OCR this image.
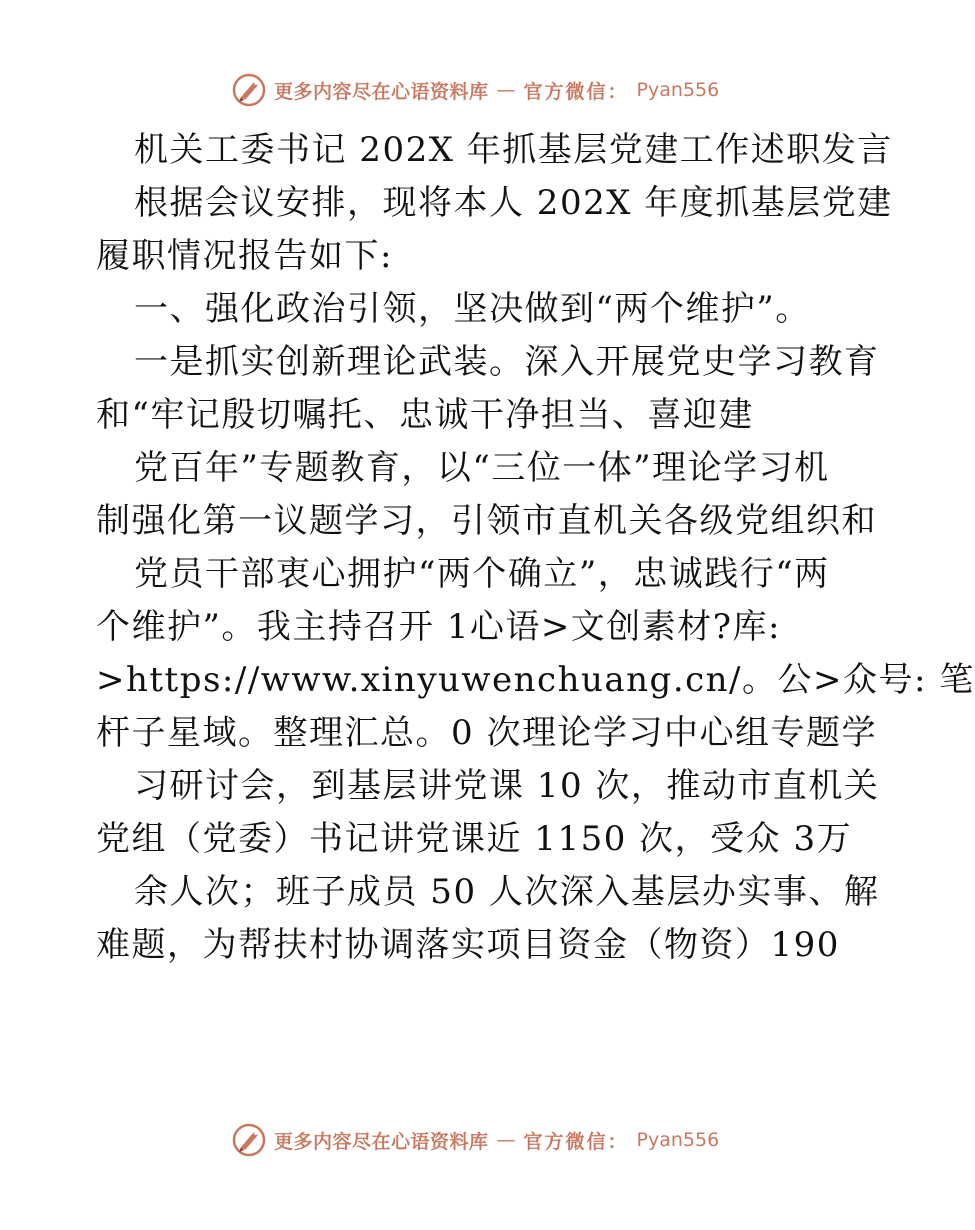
更多内容尽在心语资料库 — 官方微信： Pyan556
机关工委书记 202X 年抓基层党建工作述职发言
根据会议安排，现将本人 202X 年度抓基层党建
履职情况报告如下:
一、强化政治引领，坚决做到“两个维护”。
一是抓实创新理论武装。深入开展党史学习教育
和“牢记殷切嘱托、忠诚干净担当、喜迎建
党百年”专题教育，以“三位一体”理论学习机
制强化第一议题学习，引领市直机关各级党组织和
党员干部衷心拥护“两个确立”，忠诚践行“两
个维护”。我主持召开 1心语>文创素材?库:
>https://www.xinyuwenchuang.cn/。公>众号: 笔
杆子星域。整理汇总。0 次理论学习中心组专题学
习研讨会，到基层讲党课 10 次，推动市直机关
党组（党委）书记讲党课近 1150 次，受众 3万
余人次；班子成员 50 人次深入基层办实事、解
难题，为帮扶村协调落实项目资金（物资）190
更多内容尽在心语资料库 — 官方微信： Pyan556
